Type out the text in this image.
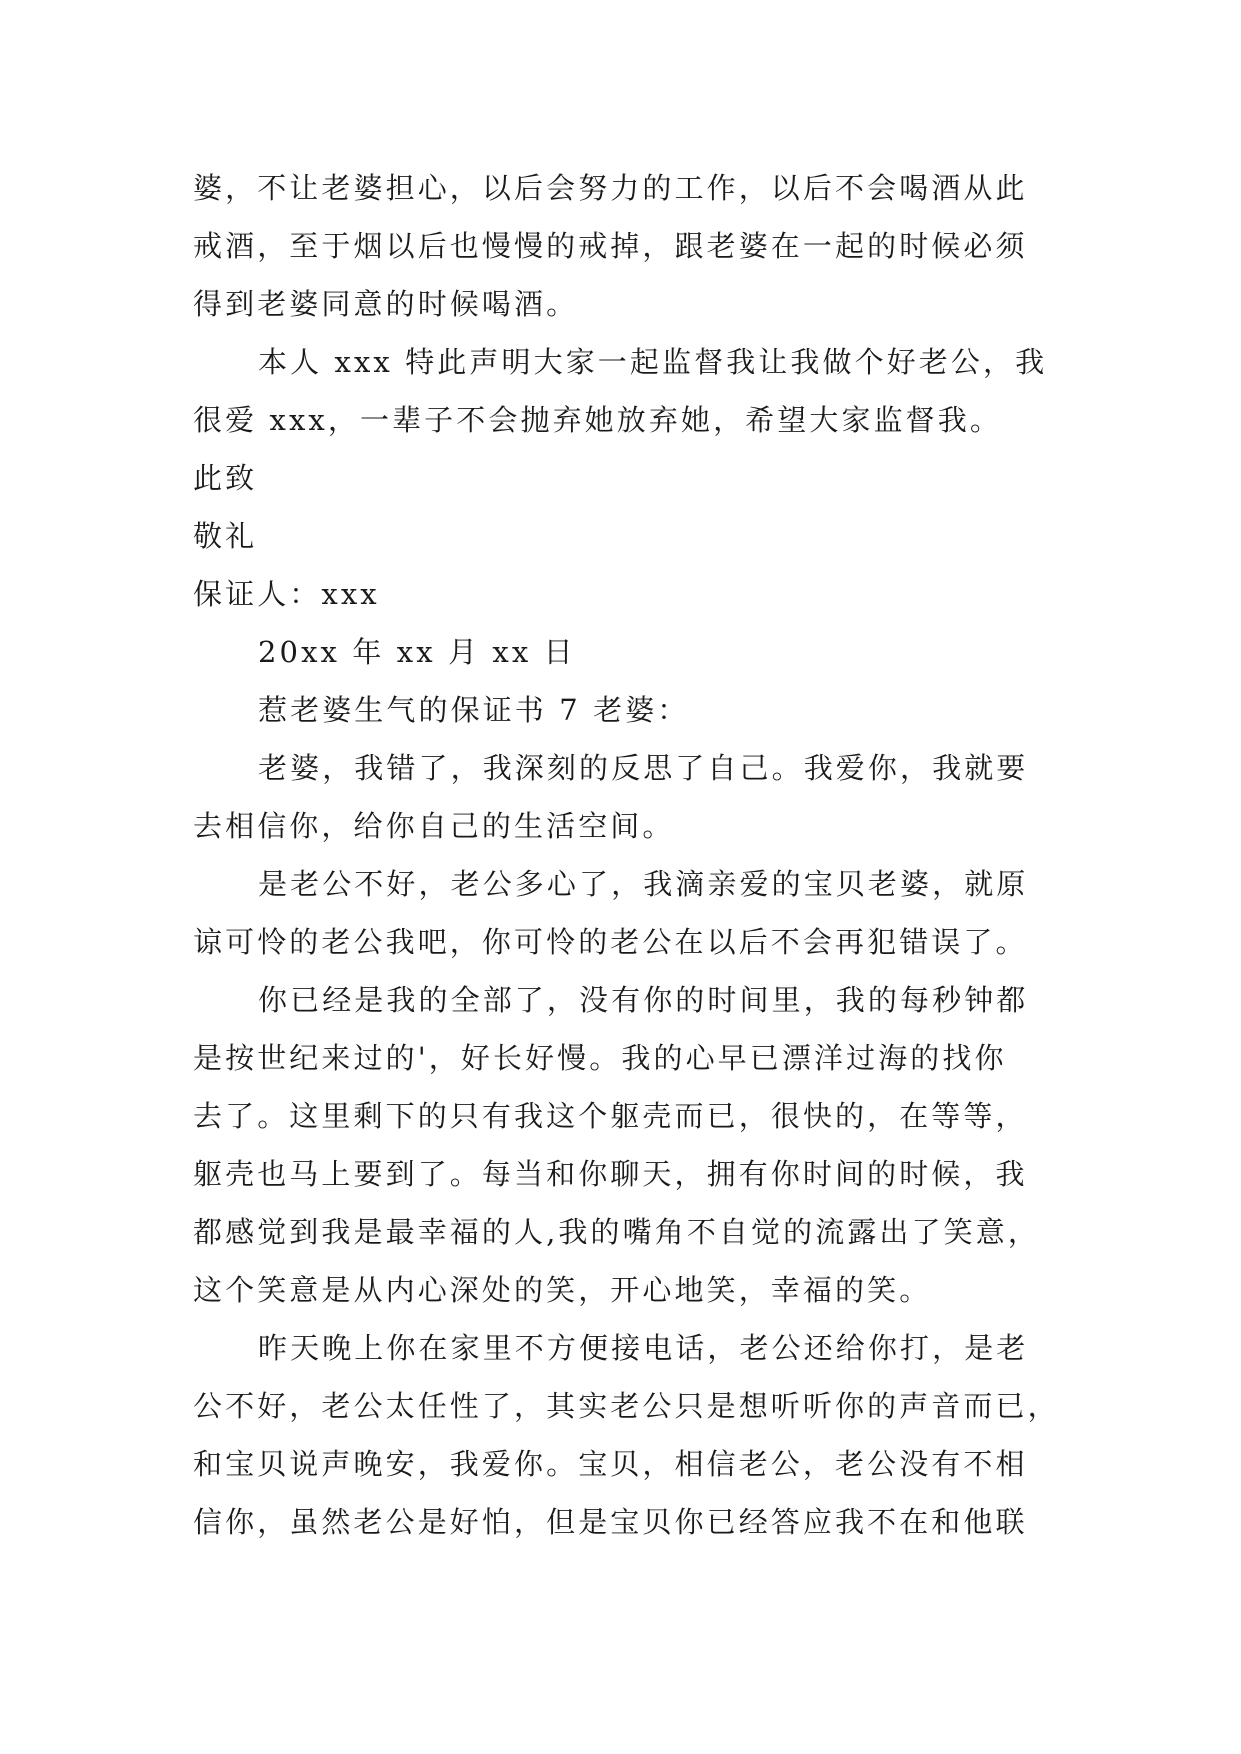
婆，不让老婆担心，以后会努力的工作，以后不会喝酒从此
戒酒，至于烟以后也慢慢的戒掉，跟老婆在一起的时候必须
得到老婆同意的时候喝酒。
本人 xxx 特此声明大家一起监督我让我做个好老公，我
很爱 xxx，一辈子不会抛弃她放弃她，希望大家监督我。
此致
敬礼
保证人：xxx
20xx 年 xx 月 xx 日
惹老婆生气的保证书 7 老婆：
老婆，我错了，我深刻的反思了自己。我爱你，我就要
去相信你，给你自己的生活空间。
是老公不好，老公多心了，我滴亲爱的宝贝老婆，就原
谅可怜的老公我吧，你可怜的老公在以后不会再犯错误了。
你已经是我的全部了，没有你的时间里，我的每秒钟都
是按世纪来过的'，好长好慢。我的心早已漂洋过海的找你
去了。这里剩下的只有我这个躯壳而已，很快的，在等等，
躯壳也马上要到了。每当和你聊天，拥有你时间的时候，我
都感觉到我是最幸福的人,我的嘴角不自觉的流露出了笑意，
这个笑意是从内心深处的笑，开心地笑，幸福的笑。
昨天晚上你在家里不方便接电话，老公还给你打，是老
公不好，老公太任性了，其实老公只是想听听你的声音而已，
和宝贝说声晚安，我爱你。宝贝，相信老公，老公没有不相
信你，虽然老公是好怕，但是宝贝你已经答应我不在和他联
